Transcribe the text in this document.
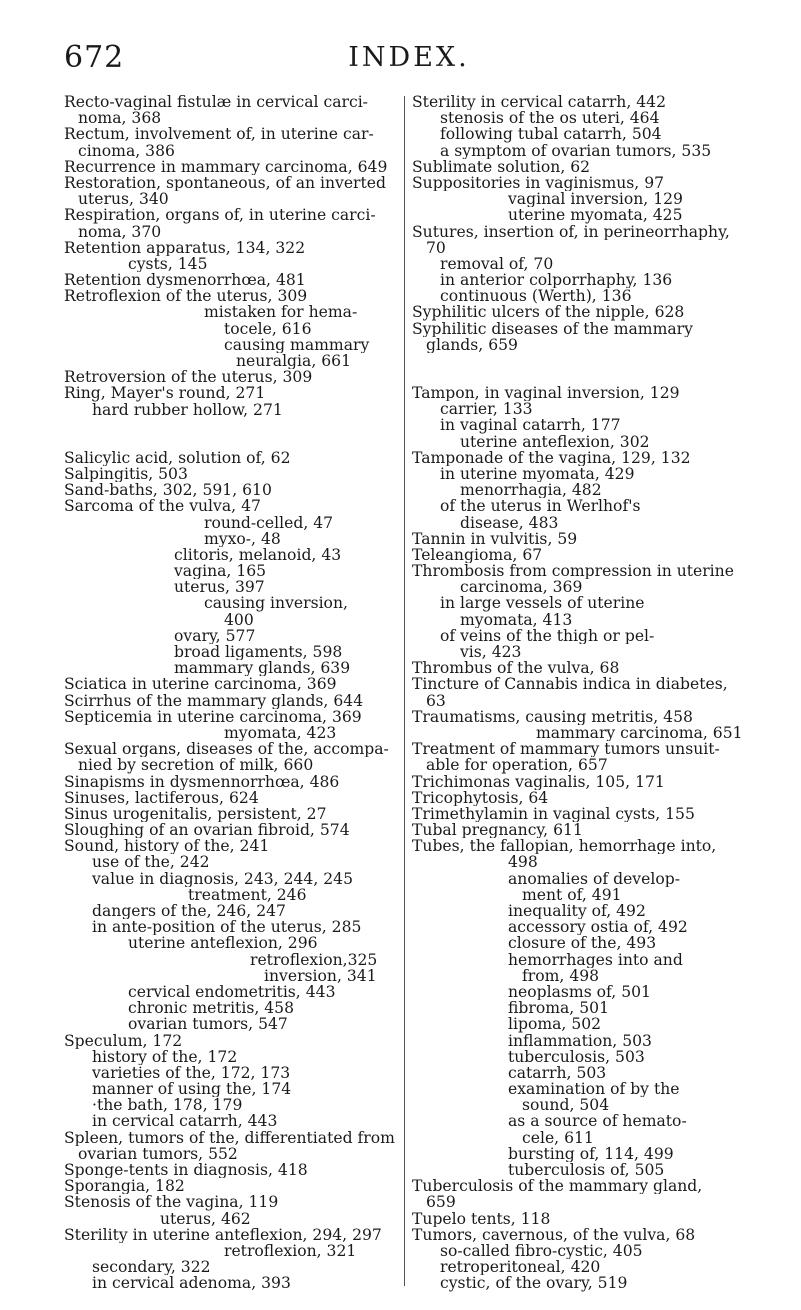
672	INDEX.
Recto-vaginal fistulæ in cervical carci-
noma, 368
Rectum, involvement of, in uterine car-
cinoma, 386
Recurrence in mammary carcinoma, 649
Restoration, spontaneous, of an inverted
uterus, 340
Respiration, organs of, in uterine carci-
noma, 370
Retention apparatus, 134, 322
cysts, 145
Retention dysmenorrhœa, 481
Retroflexion of the uterus, 309
mistaken for hema-
tocele, 616
causing mammary
neuralgia, 661
Retroversion of the uterus, 309
Ring, Mayer's round, 271
hard rubber hollow, 271
Salicylic acid, solution of, 62
Salpingitis, 503
Sand-baths, 302, 591, 610
Sarcoma of the vulva, 47
round-celled, 47
myxo-, 48
clitoris, melanoid, 43
vagina, 165
uterus, 397
causing inversion,
400
ovary, 577
broad ligaments, 598
mammary glands, 639
Sciatica in uterine carcinoma, 369
Scirrhus of the mammary glands, 644
Septicemia in uterine carcinoma, 369
myomata, 423
Sexual organs, diseases of the, accompa-
nied by secretion of milk, 660
Sinapisms in dysmennorrhœa, 486
Sinuses, lactiferous, 624
Sinus urogenitalis, persistent, 27
Sloughing of an ovarian fibroid, 574
Sound, history of the, 241
use of the, 242
value in diagnosis, 243, 244, 245
treatment, 246
dangers of the, 246, 247
in ante-position of the uterus, 285
uterine anteflexion, 296
retroflexion,325
inversion, 341
cervical endometritis, 443
chronic metritis, 458
ovarian tumors, 547
Speculum, 172
history of the, 172
varieties of the, 172, 173
manner of using the, 174
·the bath, 178, 179
in cervical catarrh, 443
Spleen, tumors of the, differentiated from
ovarian tumors, 552
Sponge-tents in diagnosis, 418
Sporangia, 182
Stenosis of the vagina, 119
uterus, 462
Sterility in uterine anteflexion, 294, 297
retroflexion, 321
secondary, 322
in cervical adenoma, 393
Sterility in cervical catarrh, 442
stenosis of the os uteri, 464
following tubal catarrh, 504
a symptom of ovarian tumors, 535
Sublimate solution, 62
Suppositories in vaginismus, 97
vaginal inversion, 129
uterine myomata, 425
Sutures, insertion of, in perineorrhaphy,
70
removal of, 70
in anterior colporrhaphy, 136
continuous (Werth), 136
Syphilitic ulcers of the nipple, 628
Syphilitic diseases of the mammary
glands, 659
Tampon, in vaginal inversion, 129
carrier, 133
in vaginal catarrh, 177
uterine anteflexion, 302
Tamponade of the vagina, 129, 132
in uterine myomata, 429
menorrhagia, 482
of the uterus in Werlhof's
disease, 483
Tannin in vulvitis, 59
Teleangioma, 67
Thrombosis from compression in uterine
carcinoma, 369
in large vessels of uterine
myomata, 413
of veins of the thigh or pel-
vis, 423
Thrombus of the vulva, 68
Tincture of Cannabis indica in diabetes,
63
Traumatisms, causing metritis, 458
mammary carcinoma, 651
Treatment of mammary tumors unsuit-
able for operation, 657
Trichimonas vaginalis, 105, 171
Tricophytosis, 64
Trimethylamin in vaginal cysts, 155
Tubal pregnancy, 611
Tubes, the fallopian, hemorrhage into,
498
anomalies of develop-
ment of, 491
inequality of, 492
accessory ostia of, 492
closure of the, 493
hemorrhages into and
from, 498
neoplasms of, 501
fibroma, 501
lipoma, 502
inflammation, 503
tuberculosis, 503
catarrh, 503
examination of by the
sound, 504
as a source of hemato-
cele, 611
bursting of, 114, 499
tuberculosis of, 505
Tuberculosis of the mammary gland,
659
Tupelo tents, 118
Tumors, cavernous, of the vulva, 68
so-called fibro-cystic, 405
retroperitoneal, 420
cystic, of the ovary, 519
